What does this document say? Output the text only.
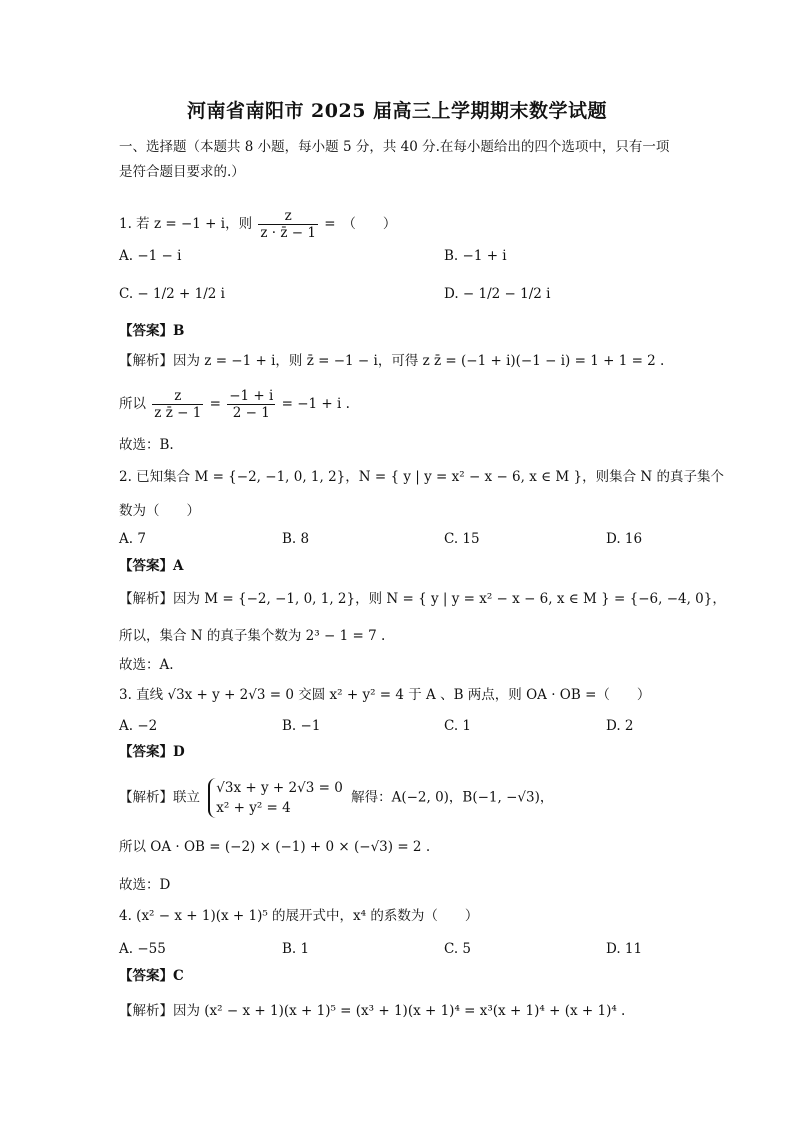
河南省南阳市 2025 届高三上学期期末数学试题
一、选择题（本题共 8 小题，每小题 5 分，共 40 分.在每小题给出的四个选项中，只有一项
是符合题目要求的.）
1. 若 z = −1 + i，则 $\frac{z}{z \cdot z̄ - 1}$ =　（　　）
A. −1 − i	B. −1 + i
C. − 1/2 + 1/2 i	D. − 1/2 − 1/2 i
【答案】B
【解析】因为 z = −1 + i，则 z̄ = −1 − i，可得 z z̄ = (−1 + i)(−1 − i) = 1 + 1 = 2 .
所以 $\frac{z}{\text{z z̄ − 1}} = \frac{-1 + i}{2 - 1} = -1 + i$ .
故选：B.
2. 已知集合 M = {−2, −1, 0, 1, 2}，N = { y | y = x² − x − 6, x ∈ M }，则集合 N 的真子集个
数为（　　）
A. 7	B. 8	C. 15	D. 16
【答案】A
【解析】因为 M = {−2, −1, 0, 1, 2}，则 N = { y | y = x² − x − 6, x ∈ M } = {−6, −4, 0}，
所以，集合 N 的真子集个数为 2³ − 1 = 7 .
故选：A.
3. 直线 √3x + y + 2√3 = 0 交圆 x² + y² = 4 于 A 、B 两点，则 OA · OB =（　　）
A. −2	B. −1	C. 1	D. 2
【答案】D
【解析】联立
√3x + y + 2√3 = 0
x² + y² = 4
解得：A(−2, 0)，B(−1, −√3)，
所以 OA · OB = (−2) × (−1) + 0 × (−√3) = 2 .
故选：D
4. (x² − x + 1)(x + 1)⁵ 的展开式中，x⁴ 的系数为（　　）
A. −55	B. 1	C. 5	D. 11
【答案】C
【解析】因为 (x² − x + 1)(x + 1)⁵ = (x³ + 1)(x + 1)⁴ = x³(x + 1)⁴ + (x + 1)⁴ .
